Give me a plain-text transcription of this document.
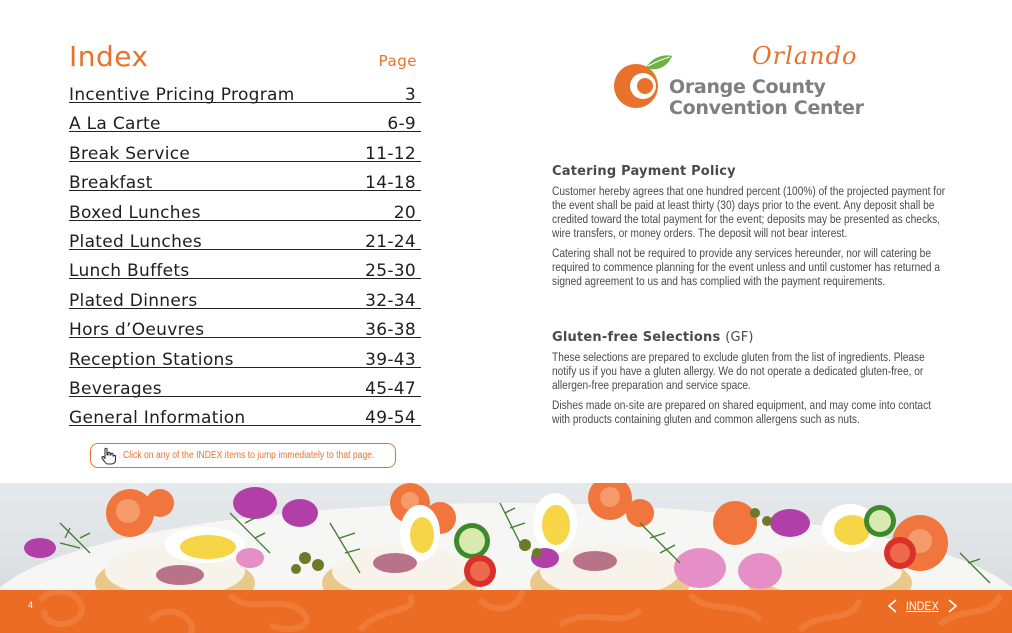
Index	Page
Incentive Pricing Program	3
A La Carte	6-9
Break Service	11-12
Breakfast	14-18
Boxed Lunches	20
Plated Lunches	21-24
Lunch Buffets	25-30
Plated Dinners	32-34
Hors d’Oeuvres	36-38
Reception Stations	39-43
Beverages	45-47
General Information	49-54
Click on any of the INDEX items to jump immediately to that page.
Orlando
Orange County
Convention Center
Catering Payment Policy

Customer hereby agrees that one hundred percent (100%) of the projected payment for the event shall be paid at least thirty (30) days prior to the event. Any deposit shall be credited toward the total payment for the event; deposits may be presented as checks, wire transfers, or money orders. The deposit will not bear interest.

Catering shall not be required to provide any services hereunder, nor will catering be required to commence planning for the event unless and until customer has returned a signed agreement to us and has complied with the payment requirements.

Gluten-free Selections (GF)

These selections are prepared to exclude gluten from the list of ingredients. Please notify us if you have a gluten allergy. We do not operate a dedicated gluten-free, or allergen-free preparation and service space.

Dishes made on-site are prepared on shared equipment, and may come into contact with products containing gluten and common allergens such as nuts.

4	INDEX
